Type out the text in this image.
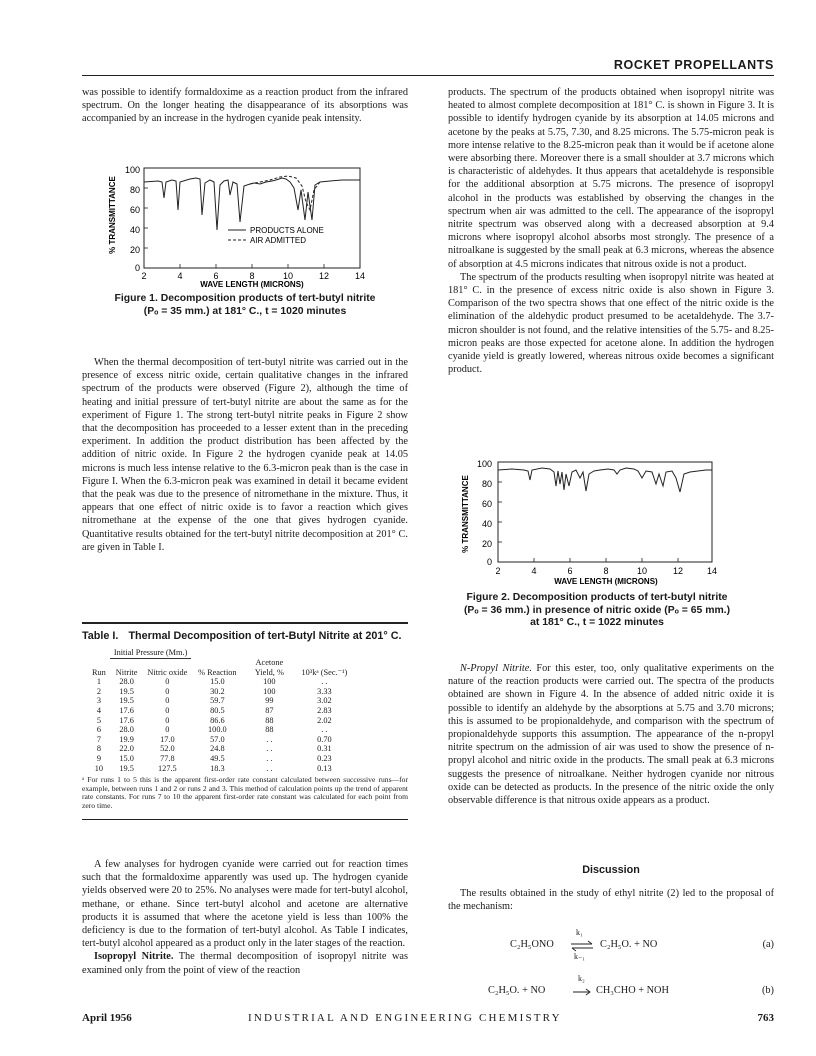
ROCKET PROPELLANTS

was possible to identify formaldoxime as a reaction product from the infrared spectrum. On the longer heating the disappearance of its absorptions was accompanied by an increase in the hydrogen cyanide peak intensity.

% TRANSMITTANCE
100
80
60
40
20
0
2	4	6	8	10	12	14
PRODUCTS ALONE
AIR ADMITTED
WAVE LENGTH (MICRONS)
Figure 1. Decomposition products of tert-butyl nitrite (Pₒ = 35 mm.) at 181° C., t = 1020 minutes

When the thermal decomposition of tert-butyl nitrite was carried out in the presence of excess nitric oxide, certain qualitative changes in the infrared spectrum of the products were observed (Figure 2), although the time of heating and initial pressure of tert-butyl nitrite are about the same as for the experiment of Figure 1. The strong tert-butyl nitrite peaks in Figure 2 show that the decomposition has proceeded to a lesser extent than in the preceding experiment. In addition the product distribution has been affected by the addition of nitric oxide. In Figure 2 the hydrogen cyanide peak at 14.05 microns is much less intense relative to the 6.3-micron peak than is the case in Figure I. When the 6.3-micron peak was examined in detail it became evident that the peak was due to the presence of nitromethane in the mixture. Thus, it appears that one effect of nitric oxide is to favor a reaction which gives nitromethane at the expense of the one that gives hydrogen cyanide. Quantitative results obtained for the tert-butyl nitrite decomposition at 201° C. are given in Table I.

Table I. Thermal Decomposition of tert-Butyl Nitrite at 201° C.
	Initial Pressure (Mm.)				
Run	Nitrite	Nitric oxide	% Reaction	Acetone Yield, %	10³kᵃ (Sec.⁻¹)
1	28.0	0	15.0	100	. .
2	19.5	0	30.2	100	3.33
3	19.5	0	59.7	99	3.02
4	17.6	0	80.5	87	2.83
5	17.6	0	86.6	88	2.02
6	28.0	0	100.0	88	. .
7	19.9	17.0	57.0	. .	0.70
8	22.0	52.0	24.8	. .	0.31
9	15.0	77.8	49.5	. .	0.23
10	19.5	127.5	18.3	. .	0.13
ᵃ For runs 1 to 5 this is the apparent first-order rate constant calculated between successive runs—for example, between runs 1 and 2 or runs 2 and 3. This method of calculation points up the trend of apparent rate constants. For runs 7 to 10 the apparent first-order rate constant was calculated for each point from zero time.

A few analyses for hydrogen cyanide were carried out for reaction times such that the formaldoxime apparently was used up. The hydrogen cyanide yields observed were 20 to 25%. No analyses were made for tert-butyl alcohol, methane, or ethane. Since tert-butyl alcohol and acetone are alternative products it is assumed that where the acetone yield is less than 100% the deficiency is due to the formation of tert-butyl alcohol. As Table I indicates, tert-butyl alcohol appeared as a product only in the later stages of the reaction.

Isopropyl Nitrite. The thermal decomposition of isopropyl nitrite was examined only from the point of view of the reaction

products. The spectrum of the products obtained when isopropyl nitrite was heated to almost complete decomposition at 181° C. is shown in Figure 3. It is possible to identify hydrogen cyanide by its absorption at 14.05 microns and acetone by the peaks at 5.75, 7.30, and 8.25 microns. The 5.75-micron peak is more intense relative to the 8.25-micron peak than it would be if acetone alone were absorbing there. Moreover there is a small shoulder at 3.7 microns which is characteristic of aldehydes. It thus appears that acetaldehyde is responsible for the additional absorption at 5.75 microns. The presence of isopropyl alcohol in the products was established by observing the changes in the spectrum when air was admitted to the cell. The appearance of the isopropyl nitrite spectrum was observed along with a decreased absorption at 9.4 microns where isopropyl alcohol absorbs most strongly. The presence of a nitroalkane is suggested by the small peak at 6.3 microns, whereas the absence of absorption at 4.5 microns indicates that nitrous oxide is not a product.

The spectrum of the products resulting when isopropyl nitrite was heated at 181° C. in the presence of excess nitric oxide is also shown in Figure 3. Comparison of the two spectra shows that one effect of the nitric oxide is the elimination of the aldehydic product presumed to be acetaldehyde. The 3.7-micron shoulder is not found, and the relative intensities of the 5.75- and 8.25-micron peaks are those expected for acetone alone. In addition the hydrogen cyanide yield is greatly lowered, whereas nitrous oxide becomes a significant product.

% TRANSMITTANCE
100
80
60
40
20
0
2	4	6	8	10	12	14
WAVE LENGTH (MICRONS)
Figure 2. Decomposition products of tert-butyl nitrite (Pₒ = 36 mm.) in presence of nitric oxide (Pₒ = 65 mm.) at 181° C., t = 1022 minutes

N-Propyl Nitrite. For this ester, too, only qualitative experiments on the nature of the reaction products were carried out. The spectra of the products obtained are shown in Figure 4. In the absence of added nitric oxide it is possible to identify an aldehyde by the absorptions at 5.75 and 3.70 microns; this is assumed to be propionaldehyde, and comparison with the spectrum of propionaldehyde supports this assumption. The appearance of the n-propyl nitrite spectrum on the admission of air was used to show the presence of n-propyl alcohol and nitric oxide in the products. The small peak at 6.3 microns suggests the presence of nitroalkane. Neither hydrogen cyanide nor nitrous oxide can be detected as products. In the presence of the nitric oxide the only observable difference is that nitrous oxide appears as a product.

Discussion

The results obtained in the study of ethyl nitrite (2) led to the proposal of the mechanism:

C₂H₅ONO
k₁
k₋₁
C₂H₅O. + NO	(a)
C₂H₅O. + NO
k₂
→ CH₃CHO + NOH	(b)
April 1956	INDUSTRIAL AND ENGINEERING CHEMISTRY	763
